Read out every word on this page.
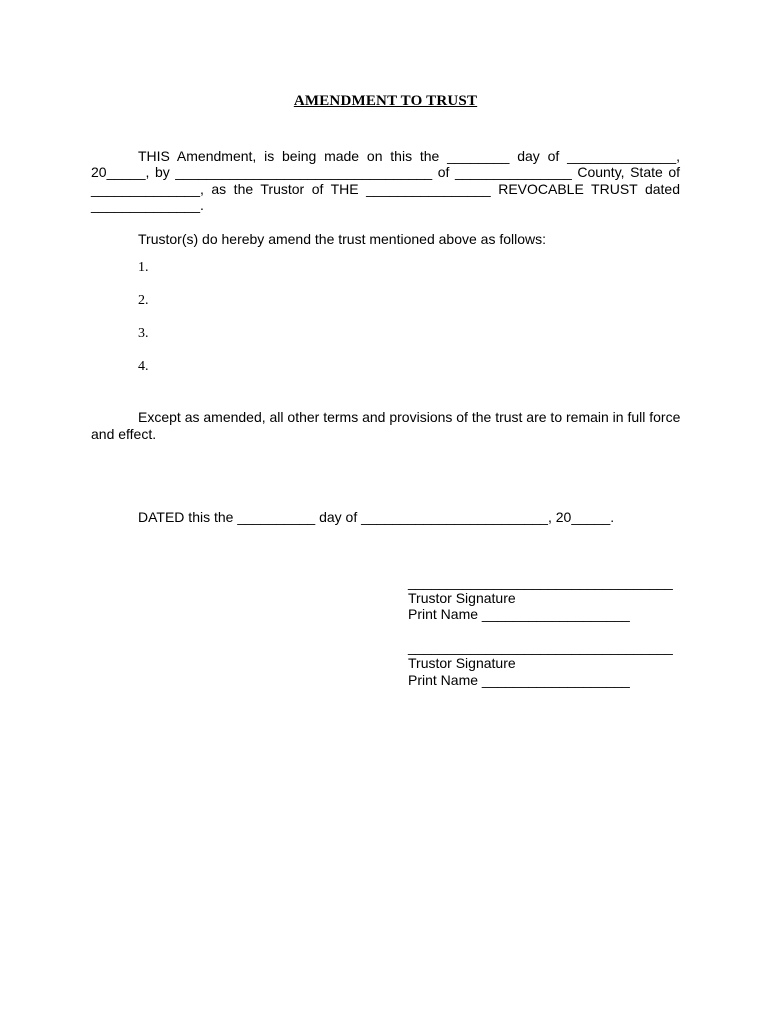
AMENDMENT TO TRUST
THIS Amendment, is being made on this the ________ day of ______________,
20_____, by _________________________________ of _______________ County, State of
______________, as the Trustor of THE ________________ REVOCABLE TRUST dated
______________.
Trustor(s) do hereby amend the trust mentioned above as follows:
1.
2.
3.
4.
Except as amended, all other terms and provisions of the trust are to remain in full force
and effect.
DATED this the __________ day of ________________________, 20_____.
__________________________________
Trustor Signature
Print Name ___________________
__________________________________
Trustor Signature
Print Name ___________________
